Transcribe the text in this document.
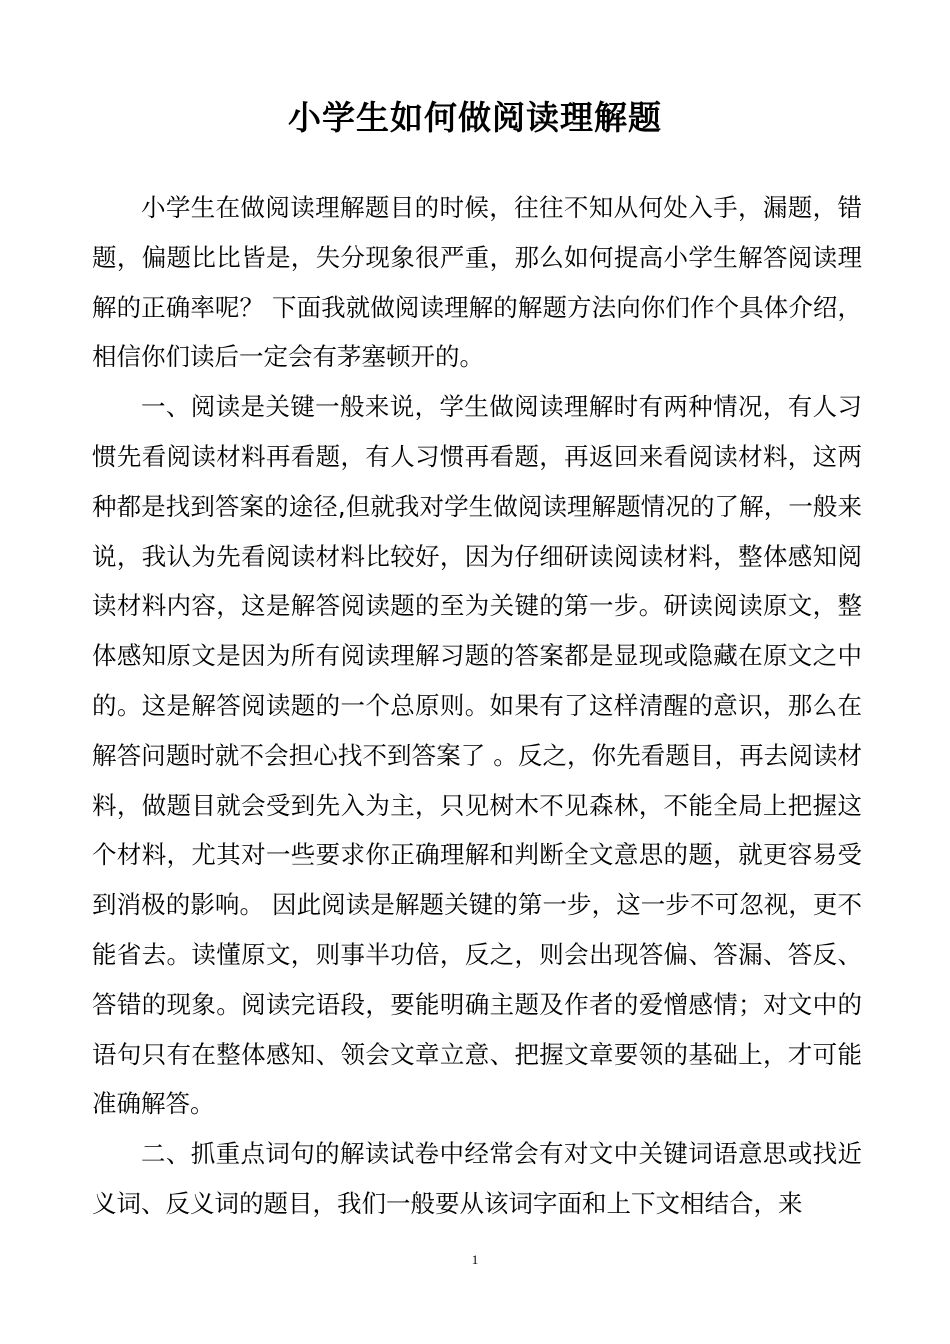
小学生如何做阅读理解题

小学生在做阅读理解题目的时候，往往不知从何处入手，漏题，错题，偏题比比皆是，失分现象很严重，那么如何提高小学生解答阅读理解的正确率呢？ 下面我就做阅读理解的解题方法向你们作个具体介绍，相信你们读后一定会有茅塞顿开的。

一、阅读是关键一般来说，学生做阅读理解时有两种情况，有人习惯先看阅读材料再看题，有人习惯再看题，再返回来看阅读材料，这两种都是找到答案的途径,但就我对学生做阅读理解题情况的了解，一般来说，我认为先看阅读材料比较好，因为仔细研读阅读材料，整体感知阅读材料内容，这是解答阅读题的至为关键的第一步。研读阅读原文，整体感知原文是因为所有阅读理解习题的答案都是显现或隐藏在原文之中的。这是解答阅读题的一个总原则。如果有了这样清醒的意识，那么在解答问题时就不会担心找不到答案了 。反之，你先看题目，再去阅读材料，做题目就会受到先入为主，只见树木不见森林，不能全局上把握这个材料，尤其对一些要求你正确理解和判断全文意思的题，就更容易受到消极的影响。 因此阅读是解题关键的第一步，这一步不可忽视，更不能省去。读懂原文，则事半功倍，反之，则会出现答偏、答漏、答反、答错的现象。阅读完语段，要能明确主题及作者的爱憎感情；对文中的语句只有在整体感知、领会文章立意、把握文章要领的基础上，才可能准确解答。

二、抓重点词句的解读试卷中经常会有对文中关键词语意思或找近义词、反义词的题目，我们一般要从该词字面和上下文相结合，来

1
